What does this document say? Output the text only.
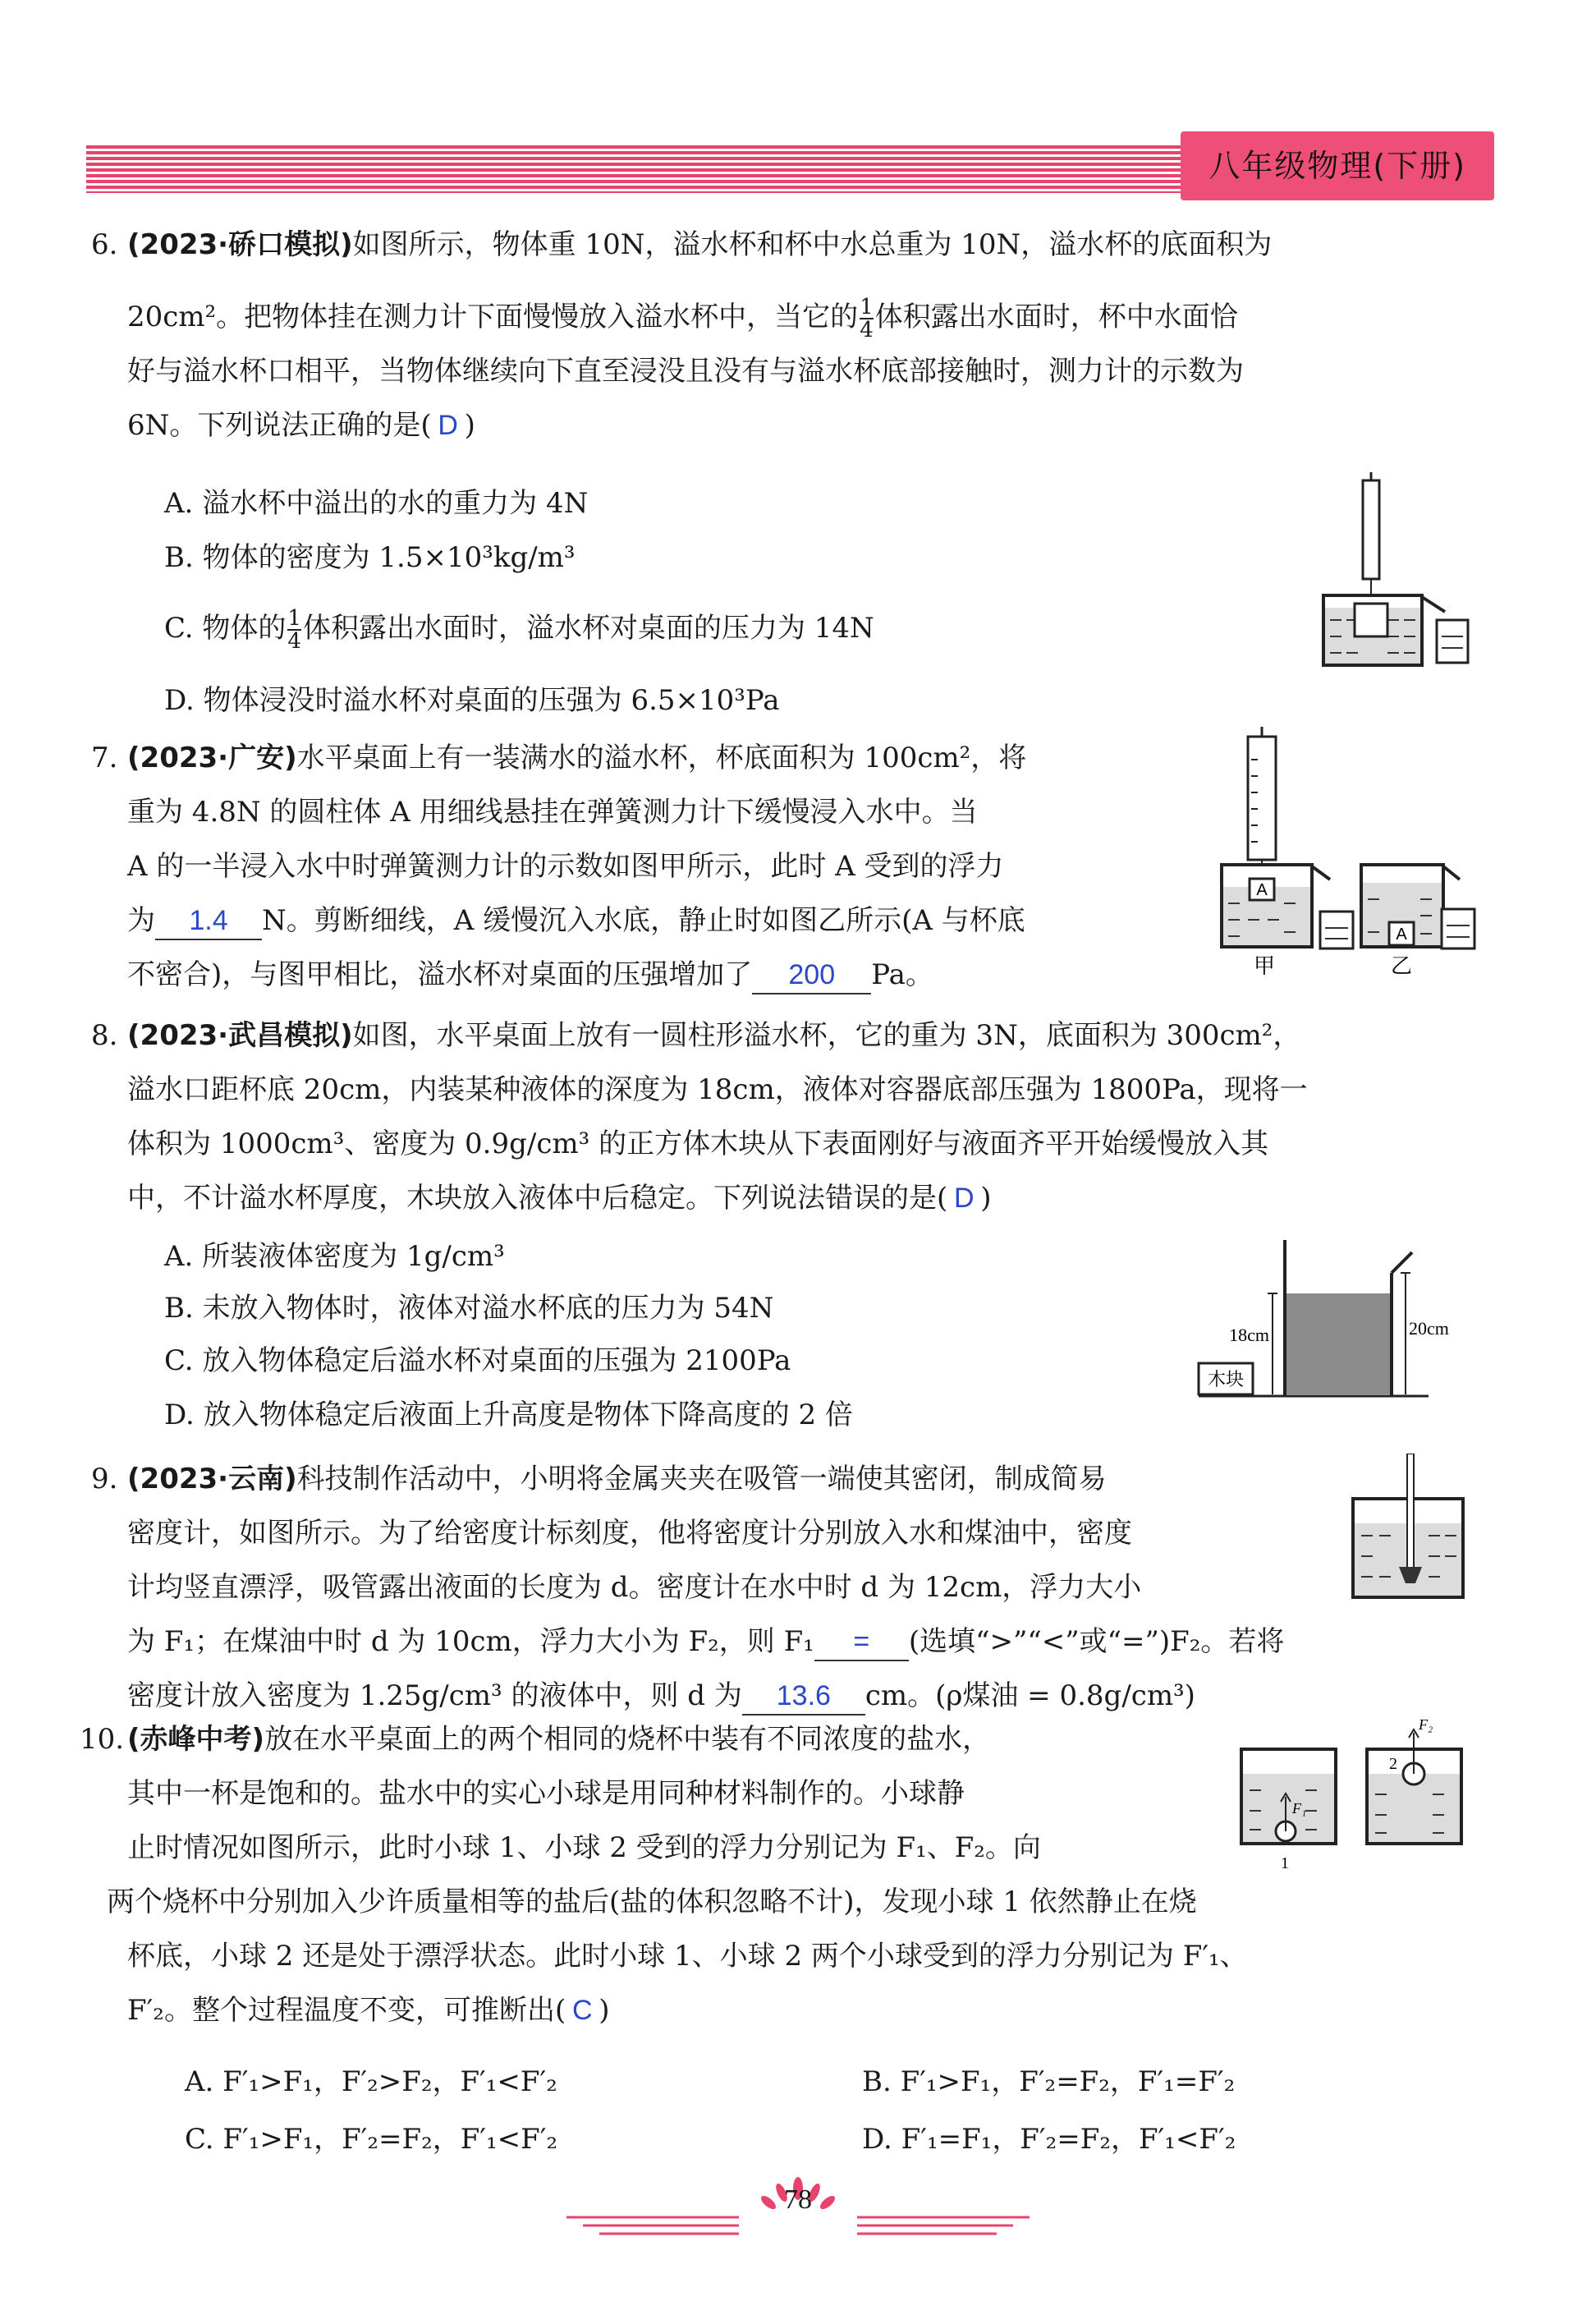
八年级物理(下册)
6. (2023·硚口模拟)如图所示，物体重 10N，溢水杯和杯中水总重为 10N，溢水杯的底面积为
20cm²。把物体挂在测力计下面慢慢放入溢水杯中，当它的 $\frac{1}{4}$ 体积露出水面时，杯中水面恰
好与溢水杯口相平，当物体继续向下直至浸没且没有与溢水杯底部接触时，测力计的示数为
6N。下列说法正确的是( D )
A. 溢水杯中溢出的水的重力为 4N
B. 物体的密度为 1.5×10³kg/m³
C. 物体的 $\frac{1}{4}$ 体积露出水面时，溢水杯对桌面的压力为 14N
D. 物体浸没时溢水杯对桌面的压强为 6.5×10³Pa
7. (2023·广安)水平桌面上有一装满水的溢水杯，杯底面积为 100cm²，将
重为 4.8N 的圆柱体 A 用细线悬挂在弹簧测力计下缓慢浸入水中。当
A 的一半浸入水中时弹簧测力计的示数如图甲所示，此时 A 受到的浮力
为 1.4 N。剪断细线，A 缓慢沉入水底，静止时如图乙所示(A 与杯底
不密合)，与图甲相比，溢水杯对桌面的压强增加了 200 Pa。
A
甲
A
乙
8. (2023·武昌模拟)如图，水平桌面上放有一圆柱形溢水杯，它的重为 3N，底面积为 300cm²，
溢水口距杯底 20cm，内装某种液体的深度为 18cm，液体对容器底部压强为 1800Pa，现将一
体积为 1000cm³、密度为 0.9g/cm³ 的正方体木块从下表面刚好与液面齐平开始缓慢放入其
中，不计溢水杯厚度，木块放入液体中后稳定。下列说法错误的是( D )
A. 所装液体密度为 1g/cm³
B. 未放入物体时，液体对溢水杯底的压力为 54N
C. 放入物体稳定后溢水杯对桌面的压强为 2100Pa
D. 放入物体稳定后液面上升高度是物体下降高度的 2 倍
18cm	20cm
木块
9. (2023·云南)科技制作活动中，小明将金属夹夹在吸管一端使其密闭，制成简易
密度计，如图所示。为了给密度计标刻度，他将密度计分别放入水和煤油中，密度
计均竖直漂浮，吸管露出液面的长度为 d。密度计在水中时 d 为 12cm，浮力大小
为 F₁；在煤油中时 d 为 10cm，浮力大小为 F₂，则 F₁ = (选填“>”“<”或“=”)F₂。若将
密度计放入密度为 1.25g/cm³ 的液体中，则 d 为 13.6 cm。(ρ煤油 = 0.8g/cm³)
10. (赤峰中考)放在水平桌面上的两个相同的烧杯中装有不同浓度的盐水，
其中一杯是饱和的。盐水中的实心小球是用同种材料制作的。小球静
止时情况如图所示，此时小球 1、小球 2 受到的浮力分别记为 F₁、F₂。向
两个烧杯中分别加入少许质量相等的盐后(盐的体积忽略不计)，发现小球 1 依然静止在烧
杯底，小球 2 还是处于漂浮状态。此时小球 1、小球 2 两个小球受到的浮力分别记为 F′₁、
F′₂。整个过程温度不变，可推断出( C )
A. F′₁>F₁，F′₂>F₂，F′₁<F′₂	B. F′₁>F₁，F′₂=F₂，F′₁=F′₂
C. F′₁>F₁，F′₂=F₂，F′₁<F′₂	D. F′₁=F₁，F′₂=F₂，F′₁<F′₂
F₁
1
F₂
2
78
